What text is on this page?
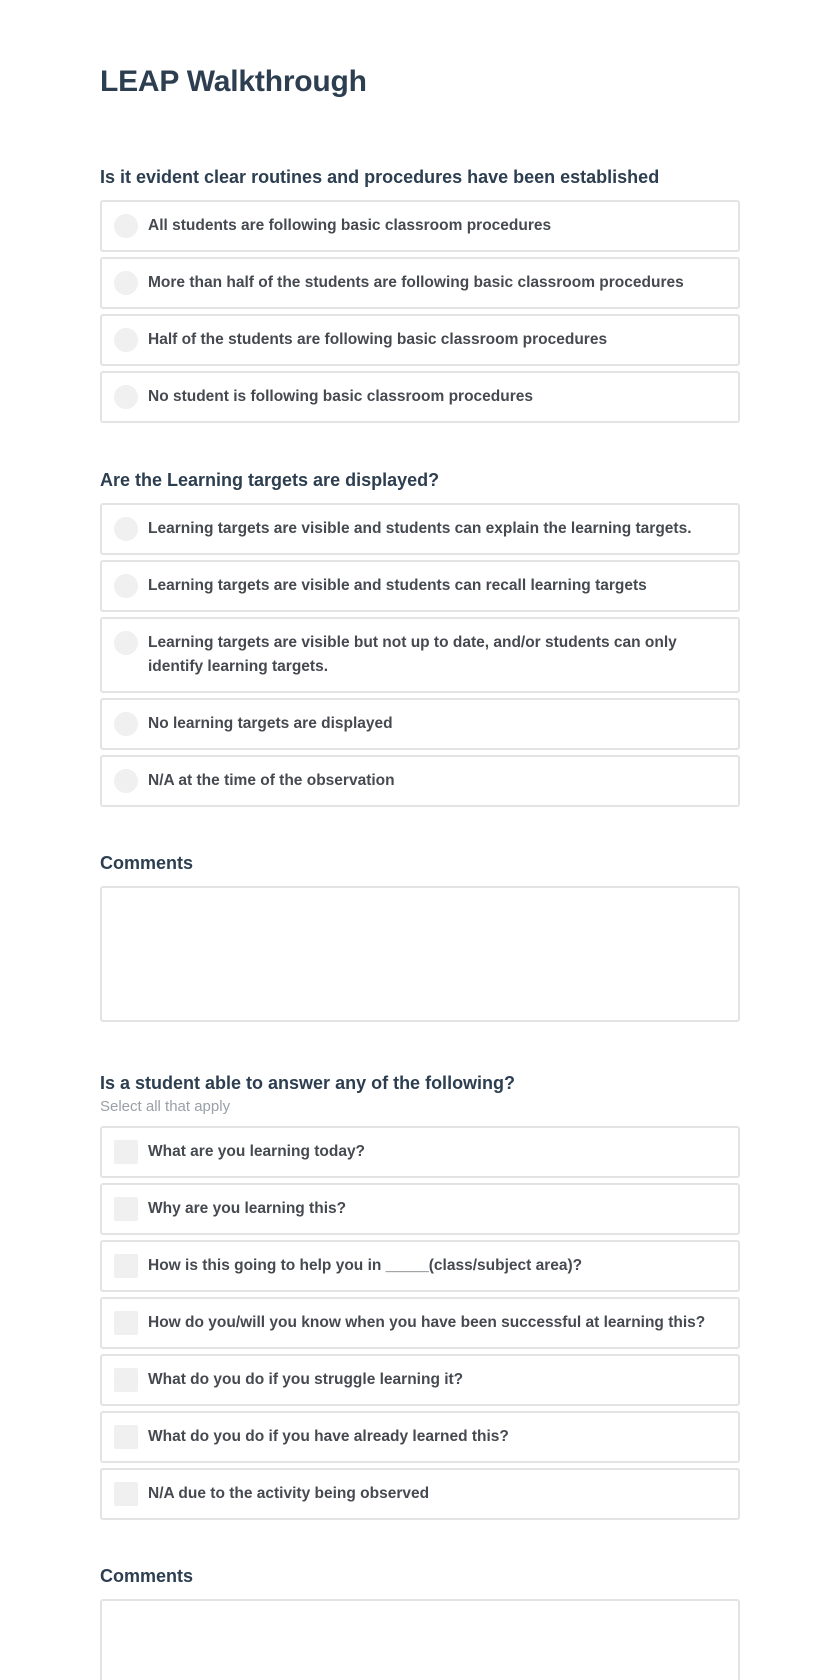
LEAP Walkthrough
Is it evident clear routines and procedures have been established
All students are following basic classroom procedures
More than half of the students are following basic classroom procedures
Half of the students are following basic classroom procedures
No student is following basic classroom procedures
Are the Learning targets are displayed?
Learning targets are visible and students can explain the learning targets.
Learning targets are visible and students can recall learning targets
Learning targets are visible but not up to date, and/or students can only identify learning targets.
No learning targets are displayed
N/A at the time of the observation
Comments
Is a student able to answer any of the following?
Select all that apply
What are you learning today?
Why are you learning this?
How is this going to help you in _____(class/subject area)?
How do you/will you know when you have been successful at learning this?
What do you do if you struggle learning it?
What do you do if you have already learned this?
N/A due to the activity being observed
Comments
